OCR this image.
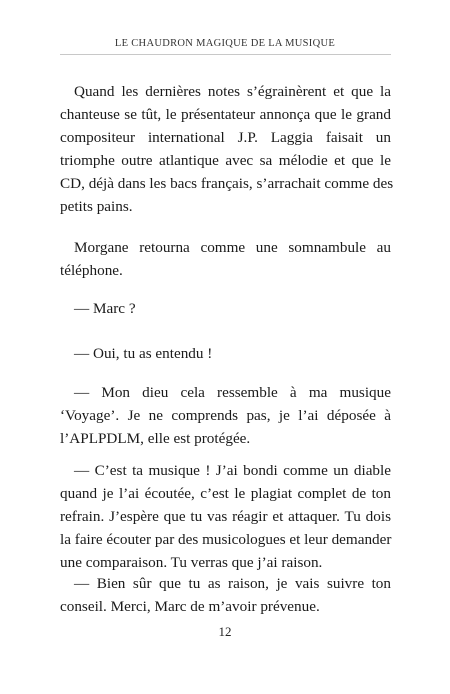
LE CHAUDRON MAGIQUE DE LA MUSIQUE
Quand les dernières notes s’égrainèrent et que la
chanteuse se tût, le présentateur annonça que le grand
compositeur international J.P. Laggia faisait un
triomphe outre atlantique avec sa mélodie et que le
CD, déjà dans les bacs français, s’arrachait comme des
petits pains.
Morgane retourna comme une somnambule au
téléphone.
— Marc ?
— Oui, tu as entendu !
— Mon dieu cela ressemble à ma musique
‘Voyage’. Je ne comprends pas, je l’ai déposée à
l’APLPDLM, elle est protégée.
— C’est ta musique ! J’ai bondi comme un diable
quand je l’ai écoutée, c’est le plagiat complet de ton
refrain. J’espère que tu vas réagir et attaquer. Tu dois
la faire écouter par des musicologues et leur demander
une comparaison. Tu verras que j’ai raison.
— Bien sûr que tu as raison, je vais suivre ton
conseil. Merci, Marc de m’avoir prévenue.
12
